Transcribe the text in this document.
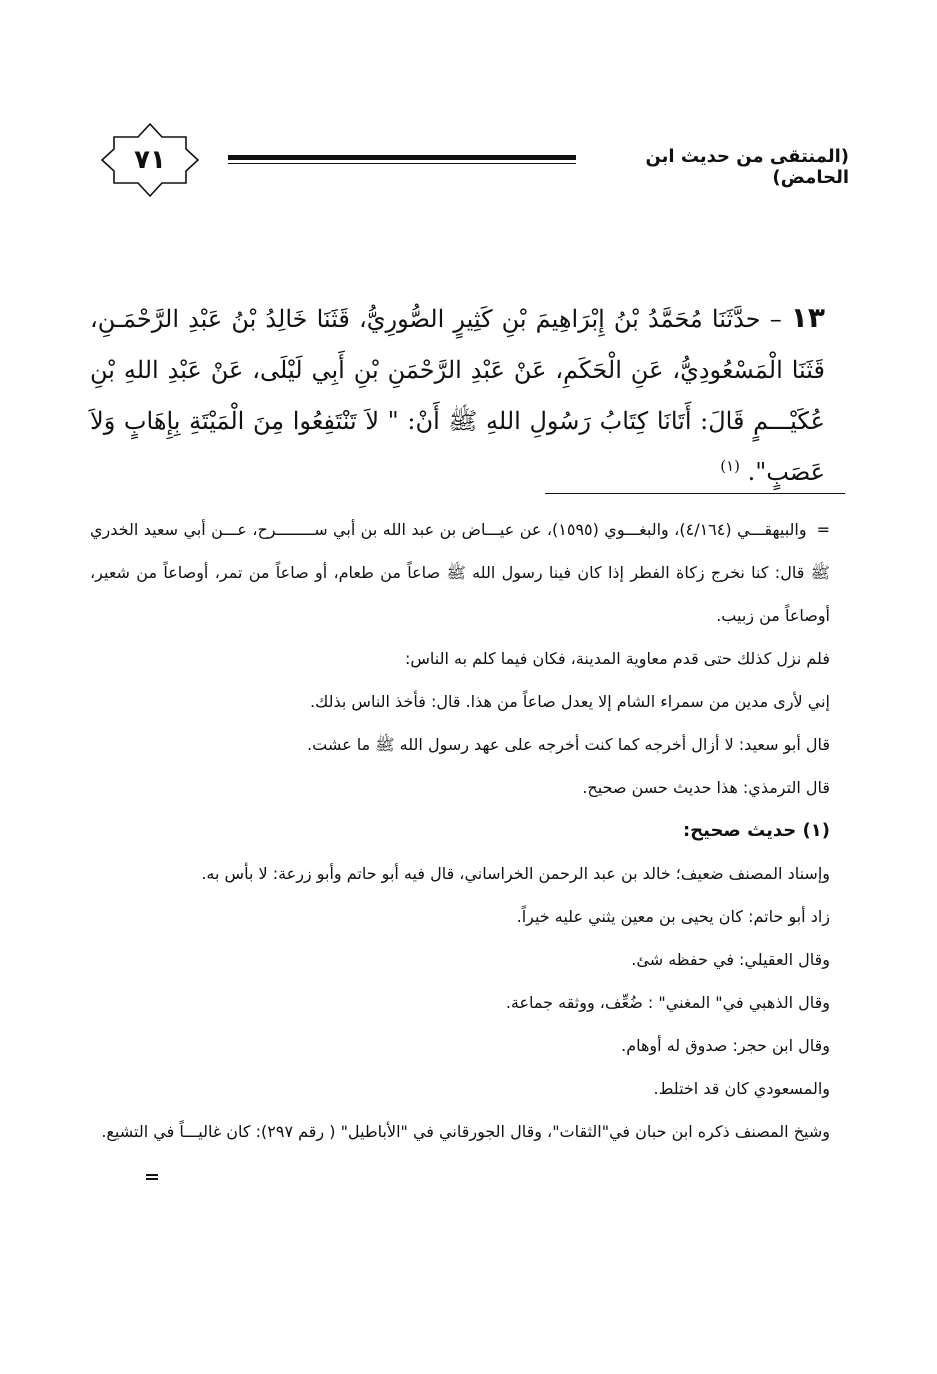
٧١	(المنتقى من حديث ابن الحامض)
١٣ – حدَّثَنَا مُحَمَّدُ بْنُ إِبْرَاهِيمَ بْنِ كَثِيرٍ الصُّورِيُّ، قَثَنَا خَالِدُ بْنُ عَبْدِ الرَّحْمَـنِ، قَثَنَا الْمَسْعُودِيُّ، عَنِ الْحَكَمِ، عَنْ عَبْدِ الرَّحْمَنِ بْنِ أَبِي لَيْلَى، عَنْ عَبْدِ اللهِ بْنِ عُكَيْـــمٍ قَالَ: أَتَانَا كِتَابُ رَسُولِ اللهِ ﷺ أَنْ: " لاَ تَنْتَفِعُوا مِنَ الْمَيْتَةِ بِإِهَابٍ وَلاَ عَصَبٍ". $^{(١)}$

=والبيهقـــي (٤/١٦٤)، والبغـــوي (١٥٩٥)، عن عيـــاض بن عبد الله بن أبي ســــــــرح، عـــن أبي سعيد الخدري ﷺ قال: كنا نخرج زكاة الفطر إذا كان فينا رسول الله ﷺ صاعاً من طعام، أو صاعاً من تمر، أوصاعاً من شعير، أوصاعاً من زبيب.

فلم نزل كذلك حتى قدم معاوية المدينة، فكان فيما كلم به الناس:

إني لأرى مدين من سمراء الشام إلا يعدل صاعاً من هذا. قال: فأخذ الناس بذلك.

قال أبو سعيد: لا أزال أخرجه كما كنت أخرجه على عهد رسول الله ﷺ ما عشت.

قال الترمذي: هذا حديث حسن صحيح.

(١) حديث صحيح:

وإسناد المصنف ضعيف؛ خالد بن عبد الرحمن الخراساني، قال فيه أبو حاتم وأبو زرعة: لا بأس به.

زاد أبو حاتم: كان يحيى بن معين يثني عليه خيراً.

وقال العقيلي: في حفظه شئ.

وقال الذهبي في" المغني" : ضُعِّف، ووثقه جماعة.

وقال ابن حجر: صدوق له أوهام.

والمسعودي كان قد اختلط.

وشيخ المصنف ذكره ابن حبان في"الثقات"، وقال الجورقاني في "الأباطيل" ( رقم ٢٩٧): كان غاليـــاً في التشيع.
